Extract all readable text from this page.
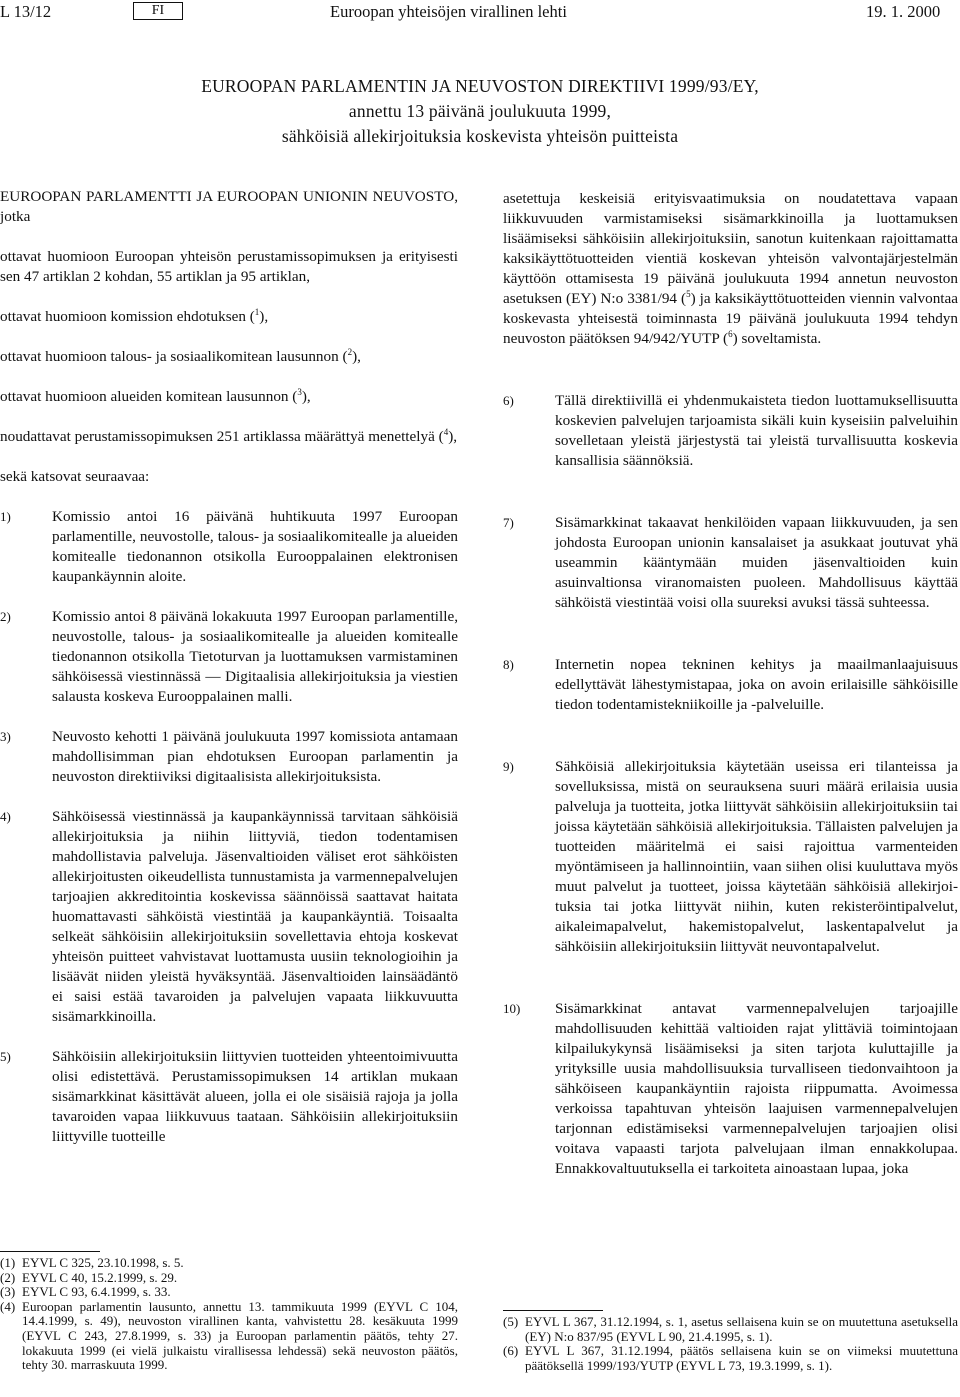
L 13/12	FI	Euroopan yhteisöjen virallinen lehti	19. 1. 2000
EUROOPAN PARLAMENTIN JA NEUVOSTON DIREKTIIVI 1999/93/EY,
annettu 13 päivänä joulukuuta 1999,
sähköisiä allekirjoituksia koskevista yhteisön puitteista

EUROOPAN PARLAMENTTI JA EUROOPAN UNIONIN NEUVOSTO, jotka

ottavat huomioon Euroopan yhteisön perustamissopimuksen ja erityisesti sen 47 artiklan 2 kohdan, 55 artiklan ja 95 artiklan,

ottavat huomioon komission ehdotuksen ($^1$),

ottavat huomioon talous- ja sosiaalikomitean lausunnon ($^2$),

ottavat huomioon alueiden komitean lausunnon ($^3$),

noudattavat perustamissopimuksen 251 artiklassa määrättyä menettelyä ($^4$),

sekä katsovat seuraavaa:

1)	Komissio antoi 16 päivänä huhtikuuta 1997 Euroopan parlamentille, neuvostolle, talous- ja sosiaalikomitealle ja alueiden komitealle tiedonannon otsikolla Eurooppalainen elektronisen kaupankäynnin aloite.
2)	Komissio antoi 8 päivänä lokakuuta 1997 Euroopan parlamentille, neuvostolle, talous- ja sosiaalikomitealle ja alueiden komitealle tiedonannon otsikolla Tietoturvan ja luottamuksen varmistaminen sähköisessä viestinnässä — Digitaalisia allekirjoituksia ja viestien salausta koskeva Eurooppalainen malli.
3)	Neuvosto kehotti 1 päivänä joulukuuta 1997 komissiota antamaan mahdollisimman pian ehdotuksen Euroopan parlamentin ja neuvoston direktiiviksi digitaalisista allekirjoituksista.
4)	Sähköisessä viestinnässä ja kaupankäynnissä tarvitaan sähköisiä allekirjoituksia ja niihin liittyviä, tiedon todentamisen mahdollistavia palveluja. Jäsenvaltioiden väliset erot sähköisten allekirjoitusten oikeudellista tunnustamista ja varmennepalvelujen tarjoajien akkreditointia koskevissa säännöissä saattavat haitata huomattavasti sähköistä viestintää ja kaupankäyntiä. Toisaalta selkeät sähköisiin allekirjoituksiin sovellettavia ehtoja koskevat yhteisön puitteet vahvistavat luottamusta uusiin teknologioihin ja lisäävät niiden yleistä hyväksyntää. Jäsenvaltioiden lainsäädäntö ei saisi estää tavaroiden ja palvelujen vapaata liikkuvuutta sisämarkkinoilla.
5)	Sähköisiin allekirjoituksiin liittyvien tuotteiden yhteentoimivuutta olisi edistettävä. Perustamissopimuksen 14 artiklan mukaan sisämarkkinat käsittävät alueen, jolla ei ole sisäisiä rajoja ja jolla tavaroiden vapaa liikkuvuus taataan. Sähköisiin allekirjoituksiin liittyville tuotteille
(1) EYVL C 325, 23.10.1998, s. 5.
(2) EYVL C 40, 15.2.1999, s. 29.
(3) EYVL C 93, 6.4.1999, s. 33.
(4) Euroopan parlamentin lausunto, annettu 13. tammikuuta 1999 (EYVL C 104, 14.4.1999, s. 49), neuvoston virallinen kanta, vahvistettu 28. kesäkuuta 1999 (EYVL C 243, 27.8.1999, s. 33) ja Euroopan parlamentin päätös, tehty 27. lokakuuta 1999 (ei vielä julkaistu virallisessa lehdessä) sekä neuvoston päätös, tehty 30. marraskuuta 1999.

asetettuja keskeisiä erityisvaatimuksia on noudatettava vapaan liikkuvuuden varmistamiseksi sisämarkkinoilla ja luottamuksen lisäämiseksi sähköisiin allekirjoituksiin, sanotun kuitenkaan rajoittamatta kaksikäyttötuotteiden vientiä koskevan yhteisön valvontajärjestelmän käyttöön ottamisesta 19 päivänä joulukuuta 1994 annetun neuvoston asetuksen (EY) N:o 3381/94 ($^5$) ja kaksikäyttötuotteiden viennin valvontaa koskevasta yhteisestä toiminnasta 19 päivänä joulukuuta 1994 tehdyn neuvoston päätöksen 94/942/YUTP ($^6$) soveltamista.

6)	Tällä direktiivillä ei yhdenmukaisteta tiedon luottamuksellisuutta koskevien palvelujen tarjoamista sikäli kuin kyseisiin palveluihin sovelletaan yleistä järjestystä tai yleistä turvallisuutta koskevia kansallisia säännöksiä.
7)	Sisämarkkinat takaavat henkilöiden vapaan liikkuvuuden, ja sen johdosta Euroopan unionin kansalaiset ja asukkaat joutuvat yhä useammin kääntymään muiden jäsenvaltioiden kuin asuinvaltionsa viranomaisten puoleen. Mahdollisuus käyttää sähköistä viestintää voisi olla suureksi avuksi tässä suhteessa.
8)	Internetin nopea tekninen kehitys ja maailmanlaajuisuus edellyttävät lähestymistapaa, joka on avoin erilaisille sähköisille tiedon todentamistekniikoille ja -palveluille.
9)	Sähköisiä allekirjoituksia käytetään useissa eri tilanteissa ja sovelluksissa, mistä on seurauksena suuri määrä erilaisia uusia palveluja ja tuotteita, jotka liittyvät sähköisiin allekirjoituksiin tai joissa käytetään sähköisiä allekirjoituksia. Tällaisten palvelujen ja tuotteiden määritelmä ei saisi rajoittua varmenteiden myöntämiseen ja hallinnointiin, vaan siihen olisi kuuluttava myös muut palvelut ja tuotteet, joissa käytetään sähköisiä allekirjoituksia tai jotka liittyvät niihin, kuten rekisteröintipalvelut, aikaleimapalvelut, hakemistopalvelut, laskentapalvelut ja sähköisiin allekirjoituksiin liittyvät neuvontapalvelut.
10)	Sisämarkkinat antavat varmennepalvelujen tarjoajille mahdollisuuden kehittää valtioiden rajat ylittäviä toimintojaan kilpailukykynsä lisäämiseksi ja siten tarjota kuluttajille ja yrityksille uusia mahdollisuuksia turvalliseen tiedonvaihtoon ja sähköiseen kaupankäyntiin rajoista riippumatta. Avoimessa verkoissa tapahtuvan yhteisön laajuisen varmennepalvelujen tarjonnan edistämiseksi varmennepalvelujen tarjoajien olisi voitava vapaasti tarjota palvelujaan ilman ennakkolupaa. Ennakkovaltuutuksella ei tarkoiteta ainoastaan lupaa, joka
(5) EYVL L 367, 31.12.1994, s. 1, asetus sellaisena kuin se on muutettuna asetuksella (EY) N:o 837/95 (EYVL L 90, 21.4.1995, s. 1).
(6) EYVL L 367, 31.12.1994, päätös sellaisena kuin se on viimeksi muutettuna päätöksellä 1999/193/YUTP (EYVL L 73, 19.3.1999, s. 1).
